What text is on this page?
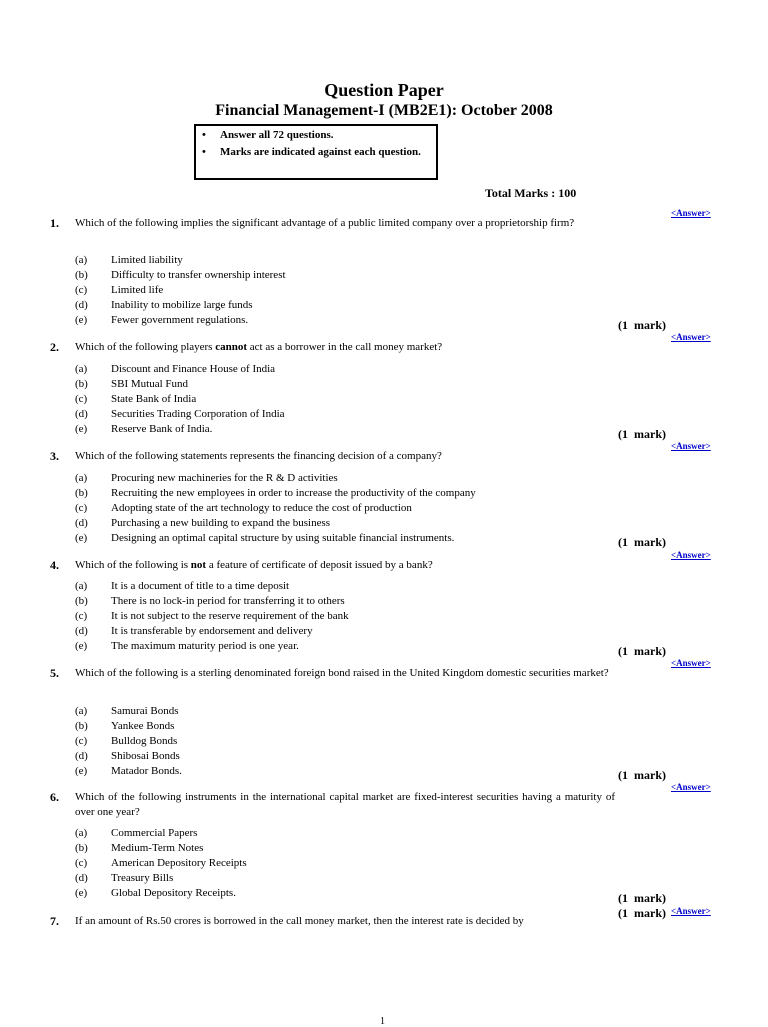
Question Paper
Financial Management-I (MB2E1): October 2008
• Answer all 72 questions.
• Marks are indicated against each question.
Total Marks : 100
<Answer>
1. Which of the following implies the significant advantage of a public limited company over a proprietorship firm?
(a) Limited liability
(b) Difficulty to transfer ownership interest
(c) Limited life
(d) Inability to mobilize large funds
(e) Fewer government regulations.	(1  mark)
<Answer>
2. Which of the following players cannot act as a borrower in the call money market?
(a) Discount and Finance House of India
(b) SBI Mutual Fund
(c) State Bank of India
(d) Securities Trading Corporation of India
(e) Reserve Bank of India.	(1  mark)
<Answer>
3. Which of the following statements represents the financing decision of a company?
(a) Procuring new machineries for the R & D activities
(b) Recruiting the new employees in order to increase the productivity of the company
(c) Adopting state of the art technology to reduce the cost of production
(d) Purchasing a new building to expand the business
(e) Designing an optimal capital structure by using suitable financial instruments.	(1  mark)
<Answer>
4. Which of the following is not a feature of certificate of deposit issued by a bank?
(a) It is a document of title to a time deposit
(b) There is no lock-in period for transferring it to others
(c) It is not subject to the reserve requirement of the bank
(d) It is transferable by endorsement and delivery
(e) The maximum maturity period is one year.	(1  mark)
<Answer>
5. Which of the following is a sterling denominated foreign bond raised in the United Kingdom domestic securities market?
(a) Samurai Bonds
(b) Yankee Bonds
(c) Bulldog Bonds
(d) Shibosai Bonds
(e) Matador Bonds.	(1  mark)
<Answer>
6. Which of the following instruments in the international capital market are fixed-interest securities having a maturity of over one year?
(a) Commercial Papers
(b) Medium-Term Notes
(c) American Depository Receipts
(d) Treasury Bills
(e) Global Depository Receipts.	(1  mark)
(1  mark) <Answer>
7. If an amount of Rs.50 crores is borrowed in the call money market, then the interest rate is decided by
1
